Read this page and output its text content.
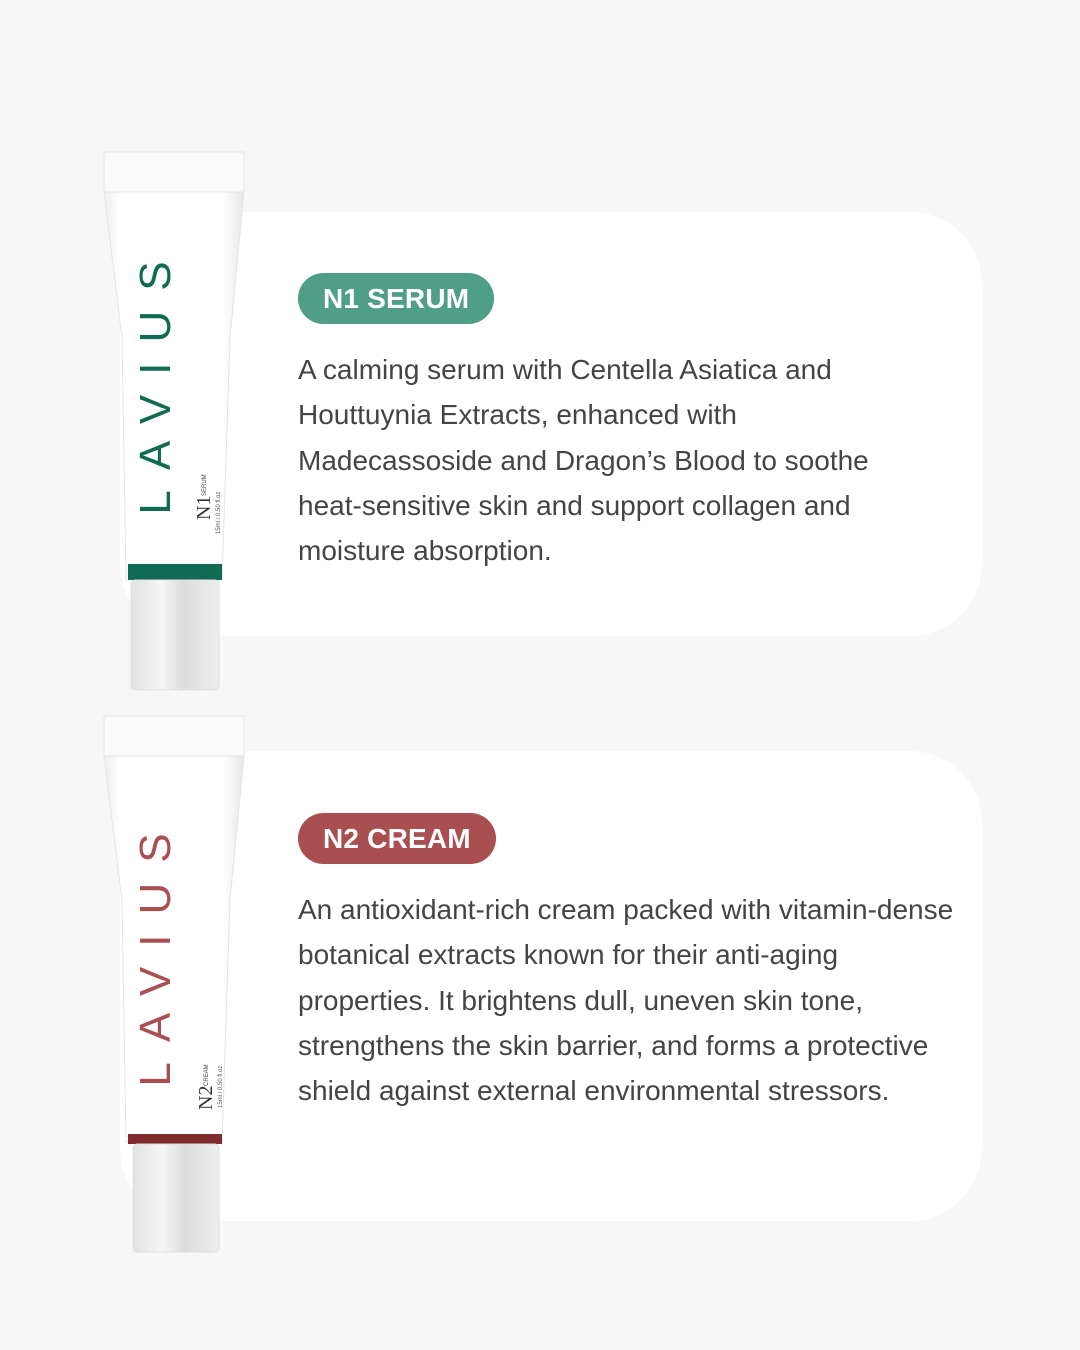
LAVIUS N1
SERUM
15ml / 0.50 fl.oz
N1 SERUM

A calming serum with Centella Asiatica and Houttuynia Extracts, enhanced with Madecassoside and Dragon’s Blood to soothe heat-sensitive skin and support collagen and moisture absorption.

LAVIUS
N2
CREAM 15ml / 0.50 fl.oz
N2 CREAM

An antioxidant-rich cream packed with vitamin-dense botanical extracts known for their anti-aging properties. It brightens dull, uneven skin tone, strengthens the skin barrier, and forms a protective shield against external environmental stressors.
